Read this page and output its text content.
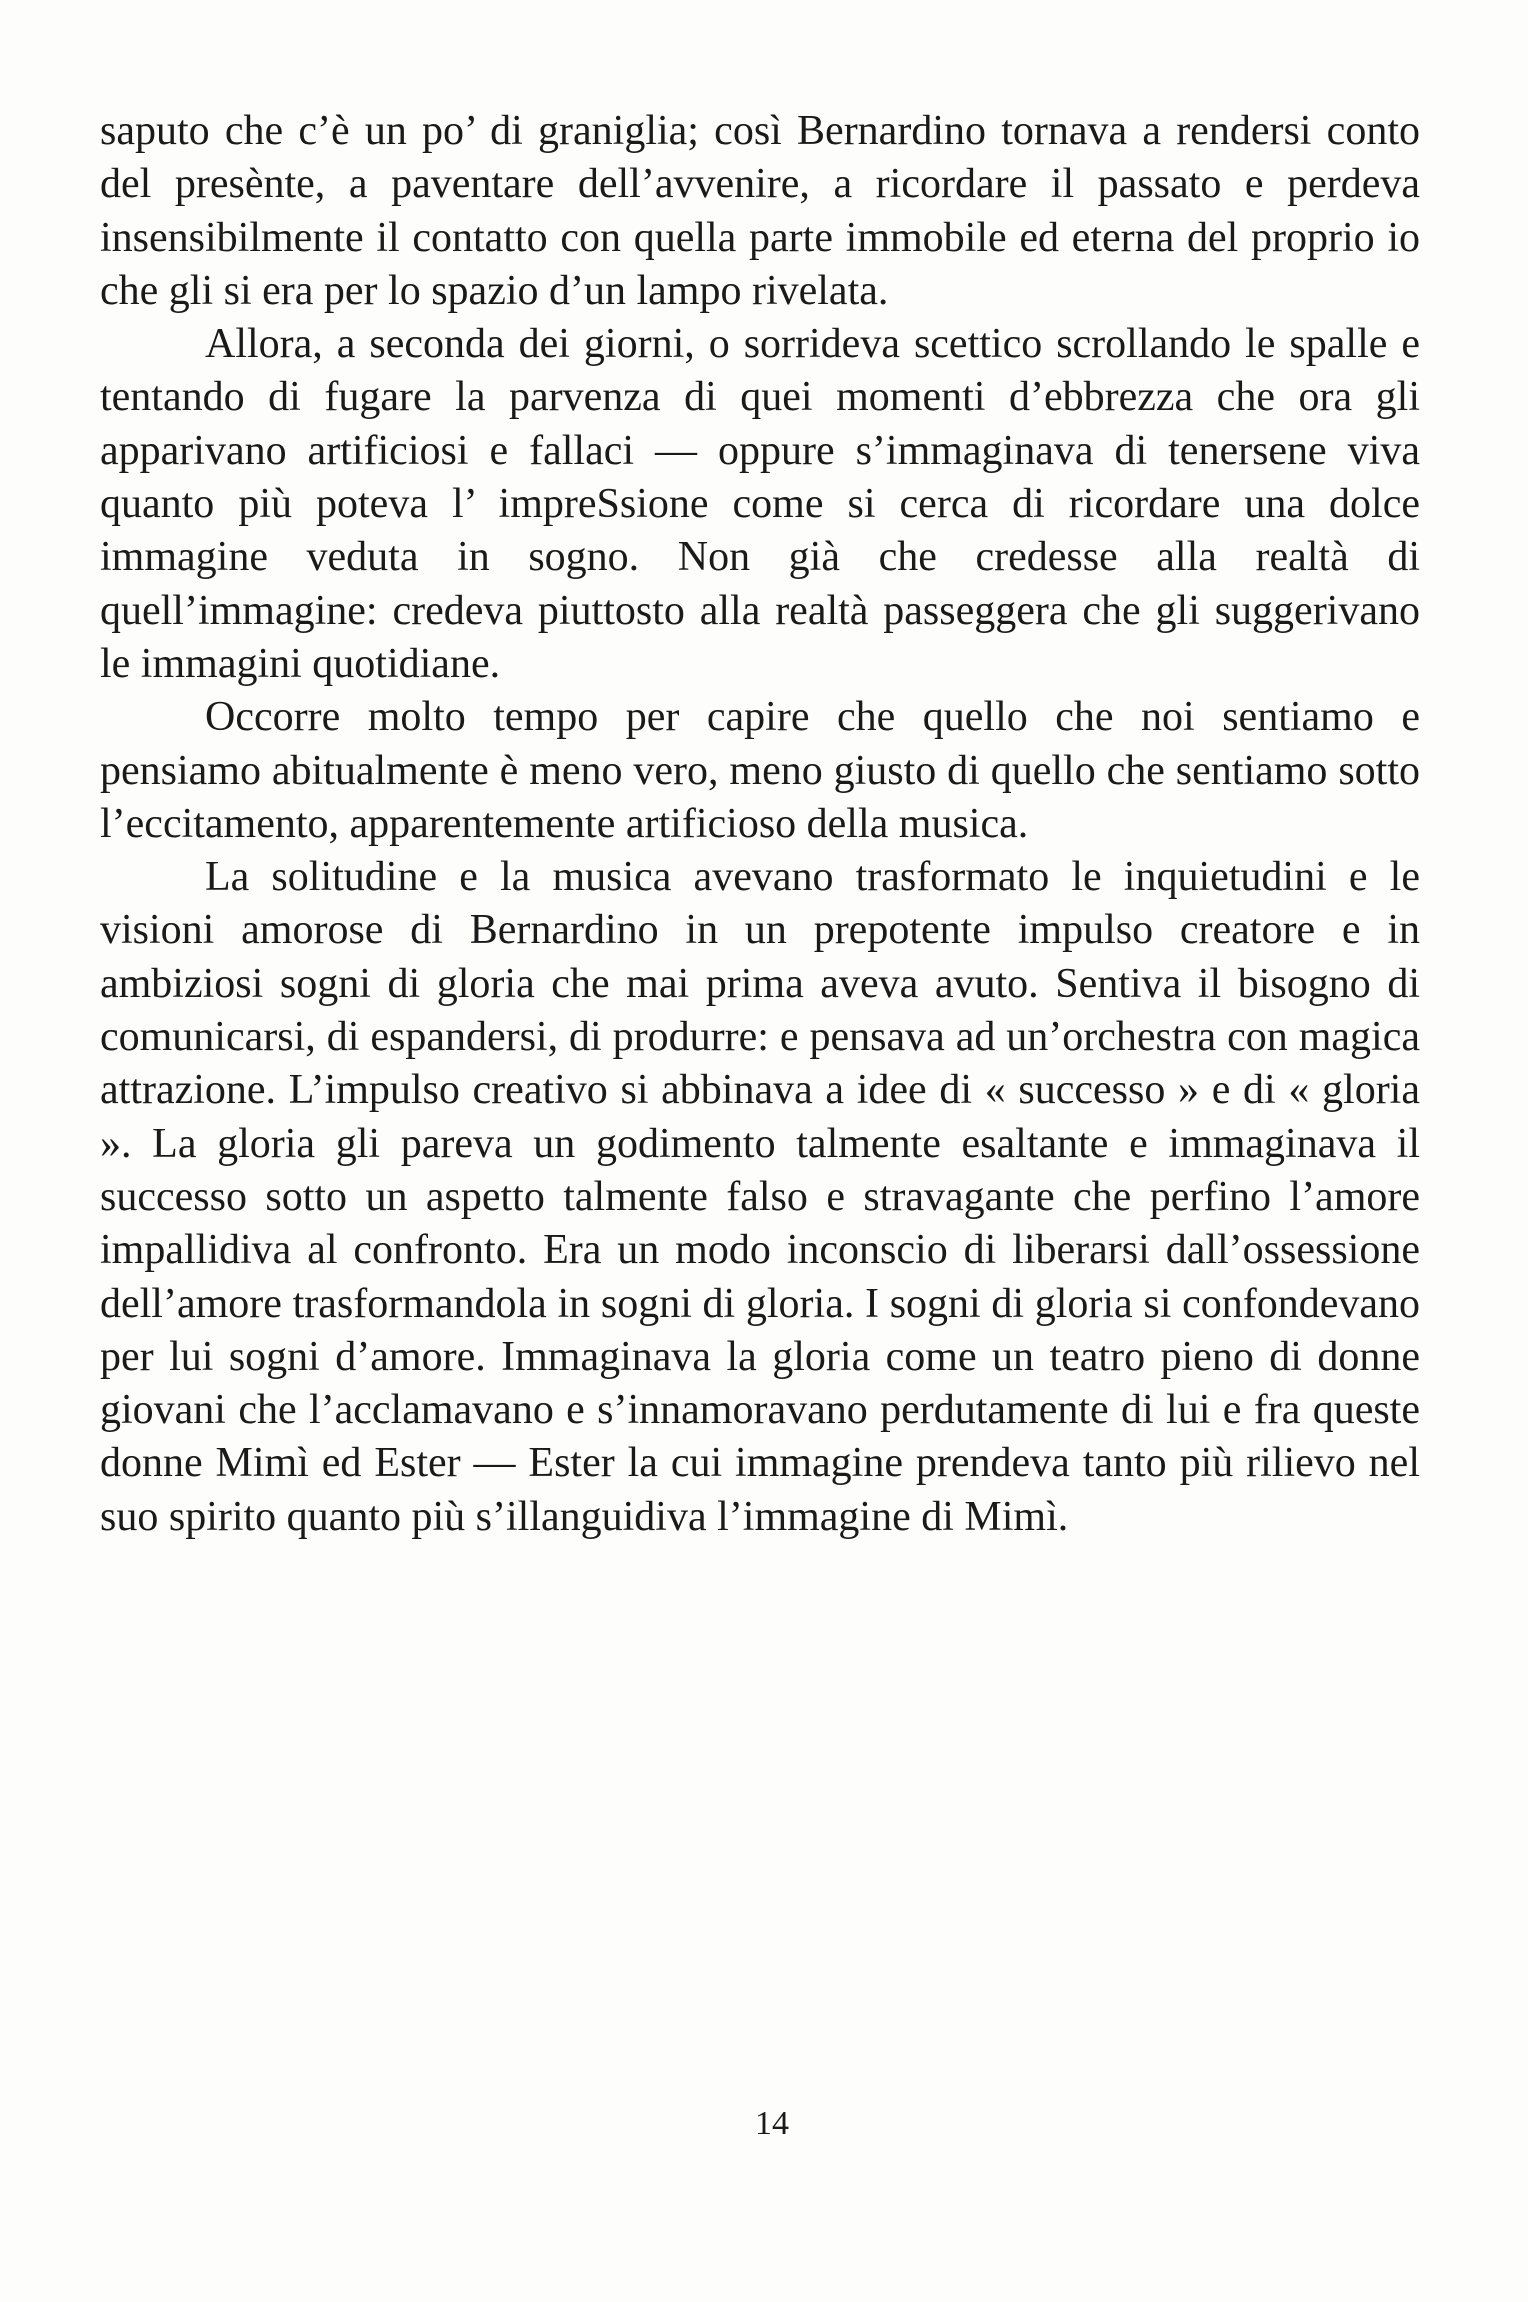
saputo che c’è un po’ di graniglia; così Bernardino tornava a rendersi conto del presènte, a paventare dell’avvenire, a ricordare il passato e perdeva insensibilmente il contatto con quella parte immobile ed eterna del proprio io che gli si era per lo spazio d’un lampo rivelata.

Allora, a seconda dei giorni, o sorrideva scettico scrollando le spalle e tentando di fugare la parvenza di quei momenti d’ebbrezza che ora gli apparivano artificiosi e fallaci — oppure s’immaginava di tenersene viva quanto più poteva l’ impreSsione come si cerca di ricordare una dolce immagine veduta in sogno. Non già che credesse alla realtà di quell’immagine: credeva piuttosto alla realtà passeggera che gli suggerivano le immagini quotidiane.

Occorre molto tempo per capire che quello che noi sentiamo e pensiamo abitualmente è meno vero, meno giusto di quello che sentiamo sotto l’eccitamento, apparentemente artificioso della musica.

La solitudine e la musica avevano trasformato le inquietudini e le visioni amorose di Bernardino in un prepotente impulso creatore e in ambiziosi sogni di gloria che mai prima aveva avuto. Sentiva il bisogno di comunicarsi, di espandersi, di produrre: e pensava ad un’orchestra con magica attrazione. L’impulso creativo si abbinava a idee di « successo » e di « gloria ». La gloria gli pareva un godimento talmente esaltante e immaginava il successo sotto un aspetto talmente falso e stravagante che perfino l’amore impallidiva al confronto. Era un modo inconscio di liberarsi dall’ossessione dell’amore trasformandola in sogni di gloria. I sogni di gloria si confondevano per lui sogni d’amore. Immaginava la gloria come un teatro pieno di donne giovani che l’acclamavano e s’innamoravano perdutamente di lui e fra queste donne Mimì ed Ester — Ester la cui immagine prendeva tanto più rilievo nel suo spirito quanto più s’illanguidiva l’immagine di Mimì.

14
